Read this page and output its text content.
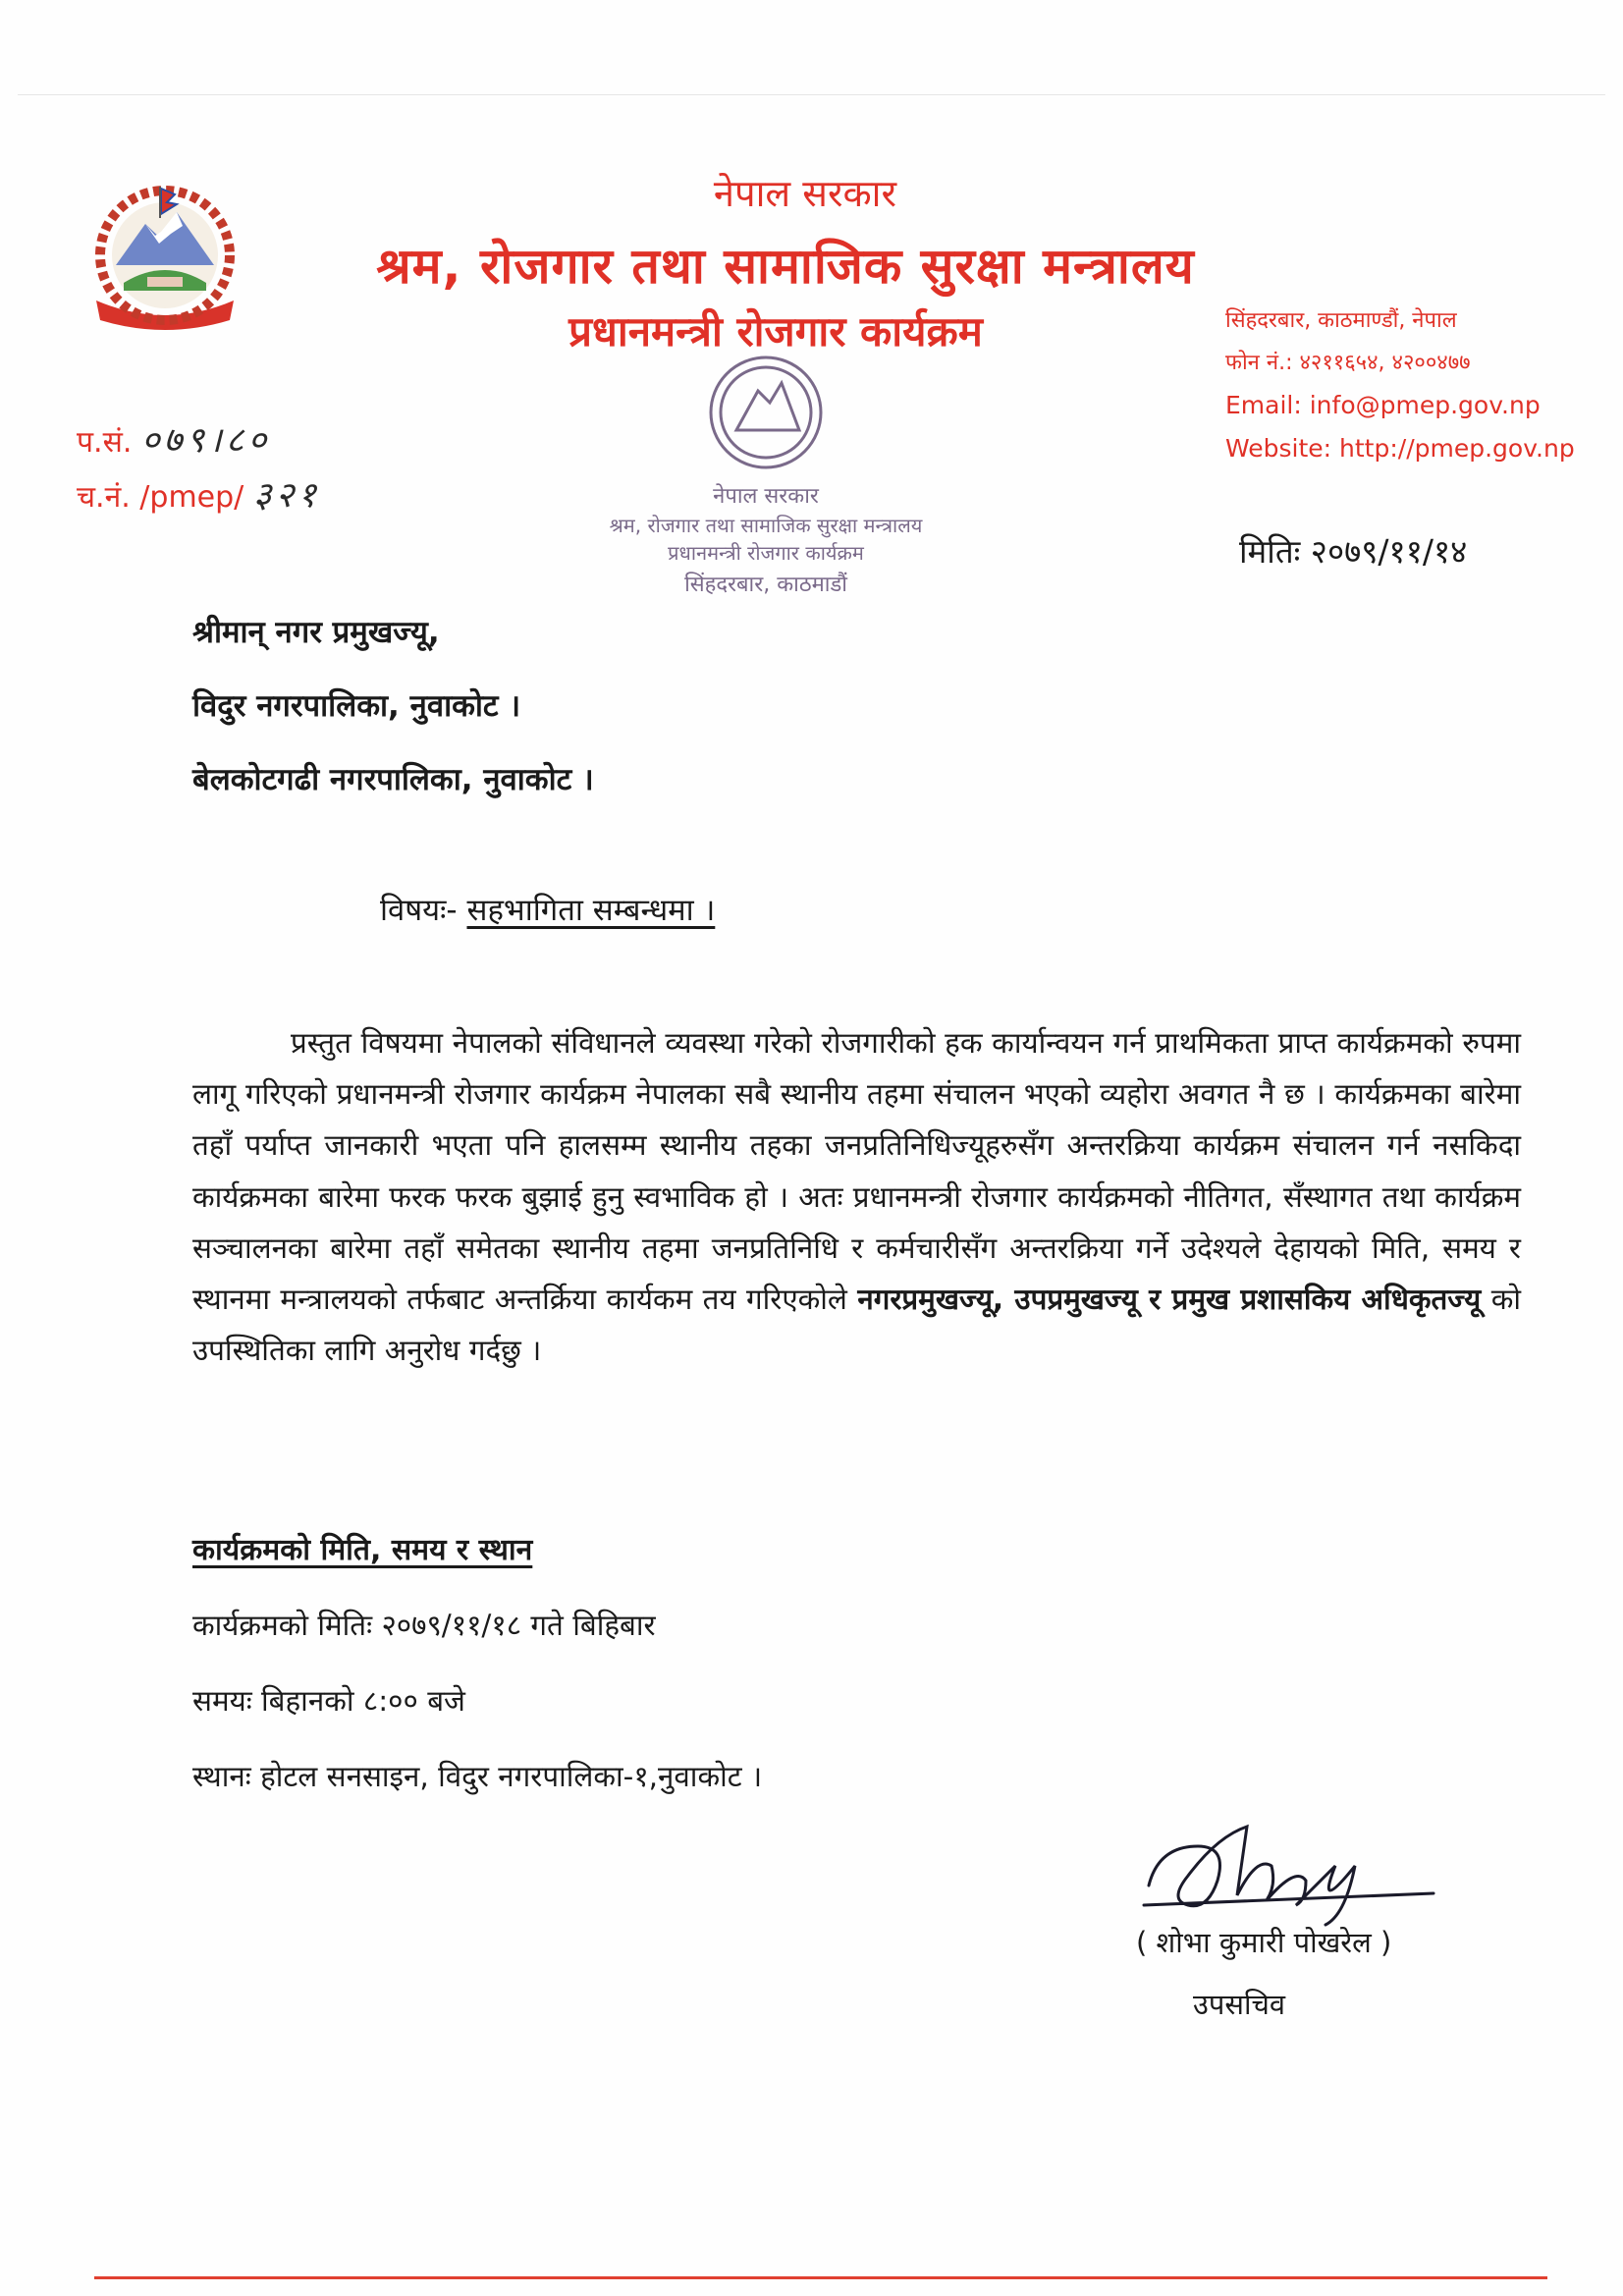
नेपाल सरकार
श्रम, रोजगार तथा सामाजिक सुरक्षा मन्त्रालय
प्रधानमन्त्री रोजगार कार्यक्रम	सिंहदरबार, काठमाण्डौं, नेपाल
फोन नं.: ४२११६५४, ४२००४७७
Email: info@pmep.gov.np
Website: http://pmep.gov.np
प.सं. ०७९।८०
च.नं. /pmep/ ३२१	नेपाल सरकार
श्रम, रोजगार तथा सामाजिक सुरक्षा मन्त्रालय
प्रधानमन्त्री रोजगार कार्यक्रम
सिंहदरबार, काठमाडौं
मितिः २०७९/११/१४
श्रीमान् नगर प्रमुखज्यू,
विदुर नगरपालिका, नुवाकोट ।
बेलकोटगढी नगरपालिका, नुवाकोट ।
विषयः- सहभागिता सम्बन्धमा ।
प्रस्तुत विषयमा नेपालको संविधानले व्यवस्था गरेको रोजगारीको हक कार्यान्वयन गर्न प्राथमिकता प्राप्त कार्यक्रमको रुपमा लागू गरिएको प्रधानमन्त्री रोजगार कार्यक्रम नेपालका सबै स्थानीय तहमा संचालन भएको व्यहोरा अवगत नै छ । कार्यक्रमका बारेमा तहाँ पर्याप्त जानकारी भएता पनि हालसम्म स्थानीय तहका जनप्रतिनिधिज्यूहरुसँग अन्तरक्रिया कार्यक्रम संचालन गर्न नसकिदा कार्यक्रमका बारेमा फरक फरक बुझाई हुनु स्वभाविक हो । अतः प्रधानमन्त्री रोजगार कार्यक्रमको नीतिगत, सँस्थागत तथा कार्यक्रम सञ्चालनका बारेमा तहाँ समेतका स्थानीय तहमा जनप्रतिनिधि र कर्मचारीसँग अन्तरक्रिया गर्ने उदेश्यले देहायको मिति, समय र स्थानमा मन्त्रालयको तर्फबाट अन्तर्क्रिया कार्यकम तय गरिएकोले नगरप्रमुखज्यू, उपप्रमुखज्यू र प्रमुख प्रशासकिय अधिकृतज्यू को उपस्थितिका लागि अनुरोध गर्दछु ।
कार्यक्रमको मिति, समय र स्थान
कार्यक्रमको मितिः २०७९/११/१८ गते बिहिबार
समयः बिहानको ८:०० बजे
स्थानः होटल सनसाइन, विदुर नगरपालिका-१,नुवाकोट ।
( शोभा कुमारी पोखरेल )
उपसचिव
